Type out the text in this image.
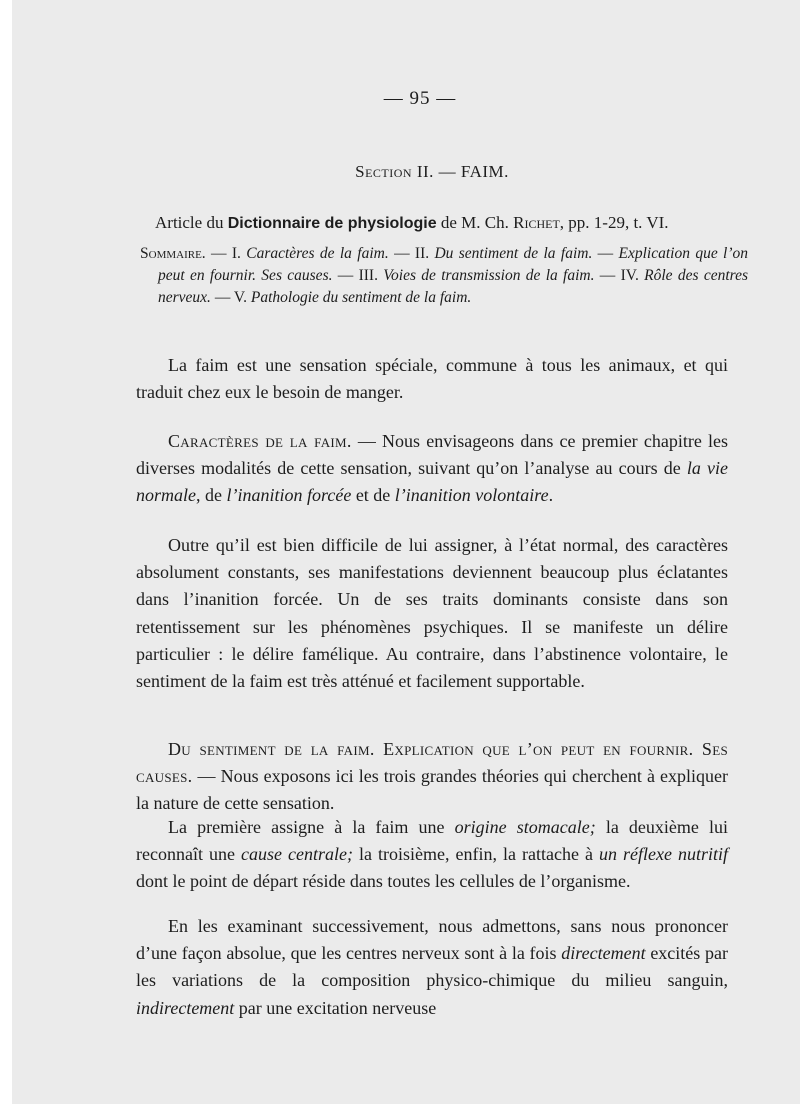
— 95 —
Section II. — FAIM.
Article du Dictionnaire de physiologie de M. Ch. Richet, pp. 1-29, t. VI.
Sommaire. — I. Caractères de la faim. — II. Du sentiment de la faim. — Explication que l’on peut en fournir. Ses causes. — III. Voies de transmission de la faim. — IV. Rôle des centres nerveux. — V. Pathologie du sentiment de la faim.
La faim est une sensation spéciale, commune à tous les animaux, et qui traduit chez eux le besoin de manger.
Caractères de la faim. — Nous envisageons dans ce premier chapitre les diverses modalités de cette sensation, suivant qu’on l’analyse au cours de la vie normale, de l’inanition forcée et de l’inanition volontaire.
Outre qu’il est bien difficile de lui assigner, à l’état normal, des caractères absolument constants, ses manifestations deviennent beaucoup plus éclatantes dans l’inanition forcée. Un de ses traits dominants consiste dans son retentissement sur les phénomènes psychiques. Il se manifeste un délire particulier : le délire famélique. Au contraire, dans l’abstinence volontaire, le sentiment de la faim est très atténué et facilement supportable.
Du sentiment de la faim. Explication que l’on peut en fournir. Ses causes. — Nous exposons ici les trois grandes théories qui cherchent à expliquer la nature de cette sensation.
La première assigne à la faim une origine stomacale; la deuxième lui reconnaît une cause centrale; la troisième, enfin, la rattache à un réflexe nutritif dont le point de départ réside dans toutes les cellules de l’organisme.
En les examinant successivement, nous admettons, sans nous prononcer d’une façon absolue, que les centres nerveux sont à la fois directement excités par les variations de la composition physico-chimique du milieu sanguin, indirectement par une excitation nerveuse
